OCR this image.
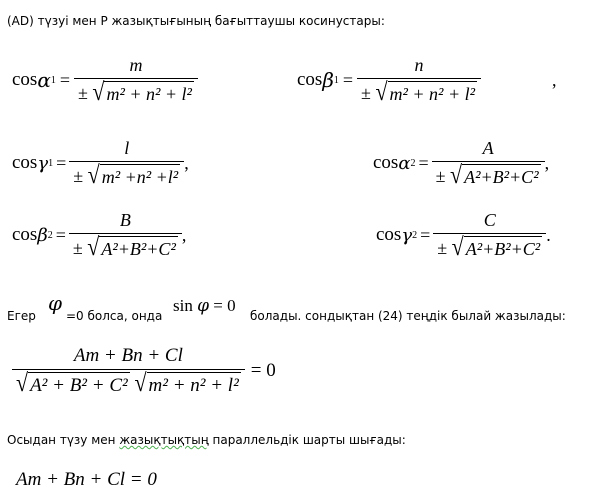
(AD) түзуі мен P жазықтығының бағыттаушы косинустары:
cos α $1 = \frac{m}{\text{± √ m² + n² + l²}}$	cos β $1 = \frac{n}{\text{± √ m² + n² + l²}}$	,
cos γ $1 = \frac{l}{\text{± √ m² +n² +l²}}$ ,	cos α $2 = \frac{A}{\text{± √ A²+B²+C²}}$ ,
cos β $2 = \frac{B}{\text{± √ A²+B²+C²}}$ ,	cos γ $2 = \frac{C}{\text{± √ A²+B²+C²}}$ .
Егер
φ
=0 болса, онда
sin
φ
=
0
болады. сондықтан (24) теңдік былай жазылады:
Am + Bn + Cl
√ A² + B² + C²
√ m² + n² + l² = 0
Осыдан түзу мен жазықтықтың параллельдік шарты шығады:
Am + Bn + Cl = 0
